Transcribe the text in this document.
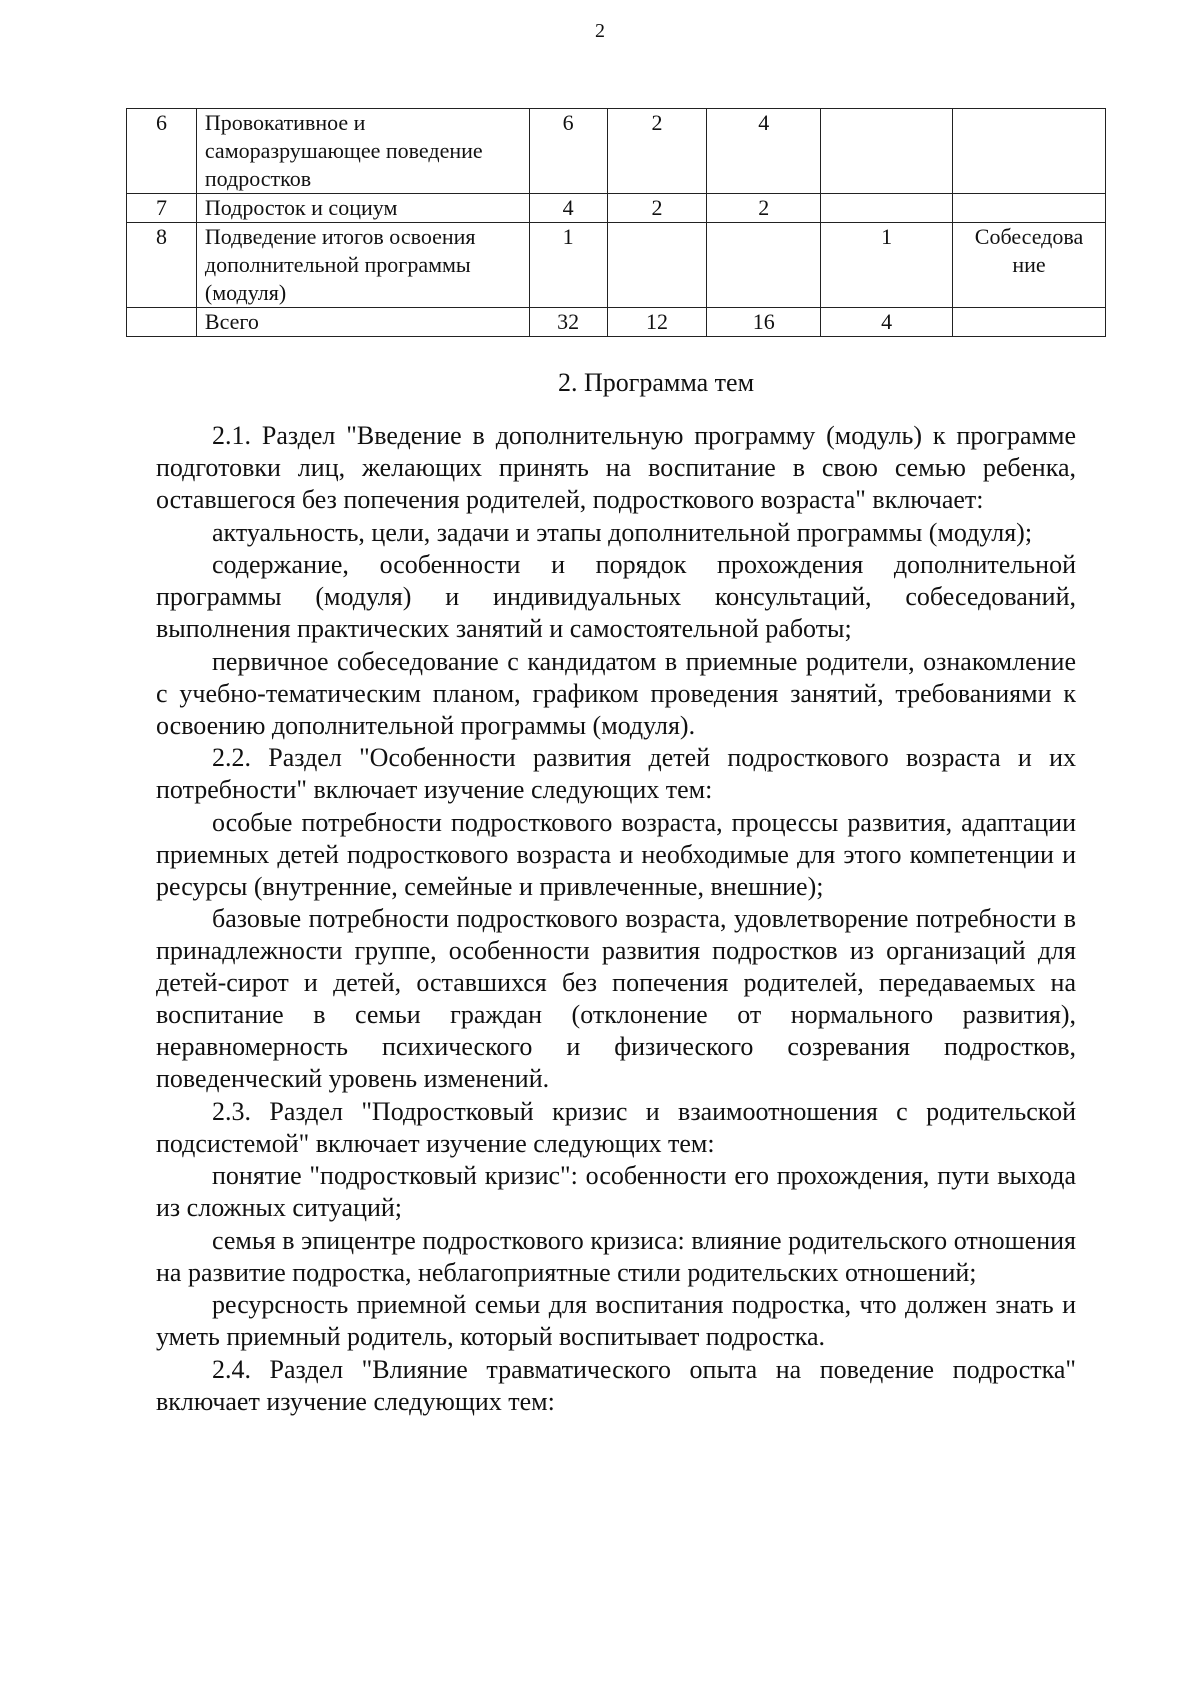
2
6	Провокативное и саморазрушающее поведение подростков	6	2	4		
7	Подросток и социум	4	2	2		
8	Подведение итогов освоения дополнительной программы (модуля)	1			1	Собеседова ние
	Всего	32	12	16	4	
2. Программа тем

2.1. Раздел "Введение в дополнительную программу (модуль) к программе подготовки лиц, желающих принять на воспитание в свою семью ребенка, оставшегося без попечения родителей, подросткового возраста" включает:

актуальность, цели, задачи и этапы дополнительной программы (модуля);

содержание, особенности и порядок прохождения дополнительной программы (модуля) и индивидуальных консультаций, собеседований, выполнения практических занятий и самостоятельной работы;

первичное собеседование с кандидатом в приемные родители, ознакомление с учебно-тематическим планом, графиком проведения занятий, требованиями к освоению дополнительной программы (модуля).

2.2. Раздел "Особенности развития детей подросткового возраста и их потребности" включает изучение следующих тем:

особые потребности подросткового возраста, процессы развития, адаптации приемных детей подросткового возраста и необходимые для этого компетенции и ресурсы (внутренние, семейные и привлеченные, внешние);

базовые потребности подросткового возраста, удовлетворение потребности в принадлежности группе, особенности развития подростков из организаций для детей-сирот и детей, оставшихся без попечения родителей, передаваемых на воспитание в семьи граждан (отклонение от нормального развития), неравномерность психического и физического созревания подростков, поведенческий уровень изменений.

2.3. Раздел "Подростковый кризис и взаимоотношения с родительской подсистемой" включает изучение следующих тем:

понятие "подростковый кризис": особенности его прохождения, пути выхода из сложных ситуаций;

семья в эпицентре подросткового кризиса: влияние родительского отношения на развитие подростка, неблагоприятные стили родительских отношений;

ресурсность приемной семьи для воспитания подростка, что должен знать и уметь приемный родитель, который воспитывает подростка.

2.4. Раздел "Влияние травматического опыта на поведение подростка" включает изучение следующих тем:
